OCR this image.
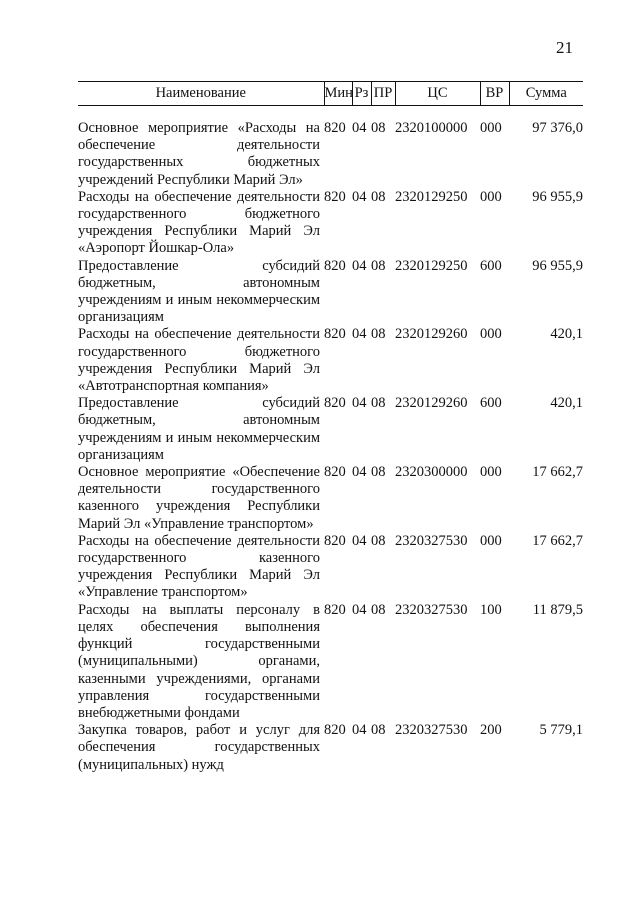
21
Наименование	Мин	Рз	ПР	ЦС	ВР	Сумма

Основное мероприятие «Расходы на обеспечение деятельности государственных бюджетных учреждений Республики Марий Эл»	820	04	08	2320100000	000	97 376,0
Расходы на обеспечение деятельности государственного бюджетного учреждения Республики Марий Эл «Аэропорт Йошкар-Ола»	820	04	08	2320129250	000	96 955,9
Предоставление субсидий бюджетным, автономным учреждениям и иным некоммерческим организациям	820	04	08	2320129250	600	96 955,9
Расходы на обеспечение деятельности государственного бюджетного учреждения Республики Марий Эл «Автотранспортная компания»	820	04	08	2320129260	000	420,1
Предоставление субсидий бюджетным, автономным учреждениям и иным некоммерческим организациям	820	04	08	2320129260	600	420,1
Основное мероприятие «Обеспечение деятельности государственного казенного учреждения Республики Марий Эл «Управление транспортом»	820	04	08	2320300000	000	17 662,7
Расходы на обеспечение деятельности государственного казенного учреждения Республики Марий Эл «Управление транспортом»	820	04	08	2320327530	000	17 662,7
Расходы на выплаты персоналу в целях обеспечения выполнения функций государственными (муниципальными) органами, казенными учреждениями, органами управления государственными внебюджетными фондами	820	04	08	2320327530	100	11 879,5
Закупка товаров, работ и услуг для обеспечения государственных (муниципальных) нужд	820	04	08	2320327530	200	5 779,1
